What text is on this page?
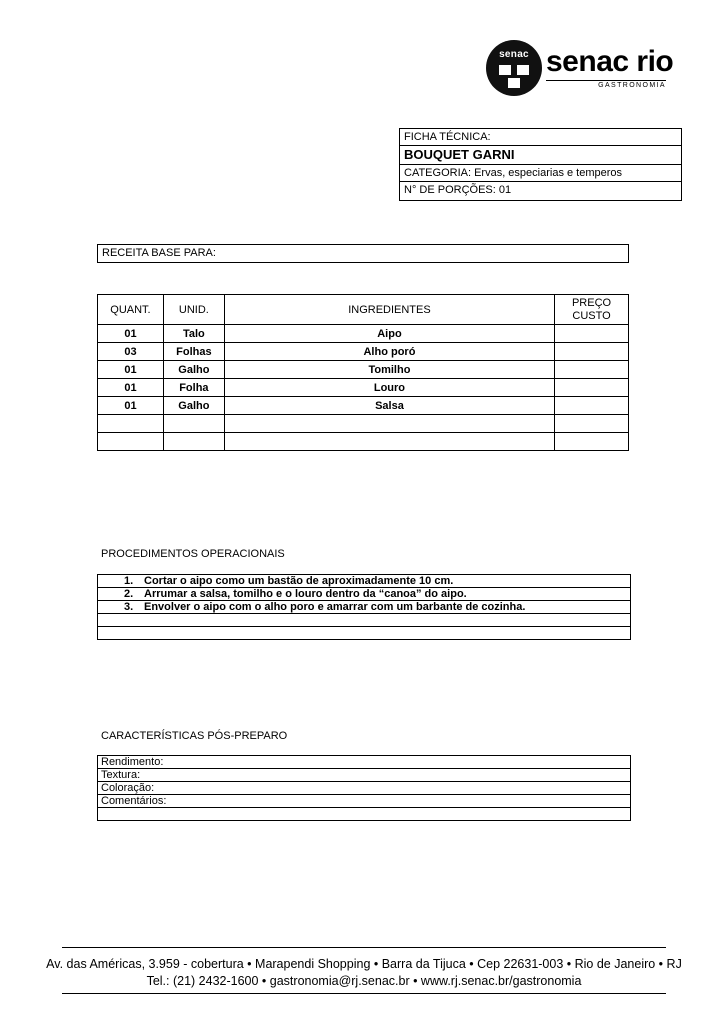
senac senac rio
GASTRONOMIA
FICHA TÉCNICA:
BOUQUET GARNI
CATEGORIA: Ervas, especiarias e temperos
N° DE PORÇÕES: 01
RECEITA BASE PARA:
QUANT.	UNID.	INGREDIENTES	PREÇO
CUSTO

01	Talo	Aipo	
03	Folhas	Alho poró	
01	Galho	Tomilho	
01	Folha	Louro	
01	Galho	Salsa	

PROCEDIMENTOS OPERACIONAIS
1. Cortar o aipo como um bastão de aproximadamente 10 cm.
2. Arrumar a salsa, tomilho e o louro dentro da “canoa” do aipo.
3. Envolver o aipo com o alho poro e amarrar com um barbante de cozinha.

CARACTERÍSTICAS PÓS-PREPARO
Rendimento:
Textura:
Coloração:
Comentários:

Av. das Américas, 3.959 - cobertura • Marapendi Shopping • Barra da Tijuca • Cep 22631-003 • Rio de Janeiro • RJ
Tel.: (21) 2432-1600 • gastronomia@rj.senac.br • www.rj.senac.br/gastronomia
